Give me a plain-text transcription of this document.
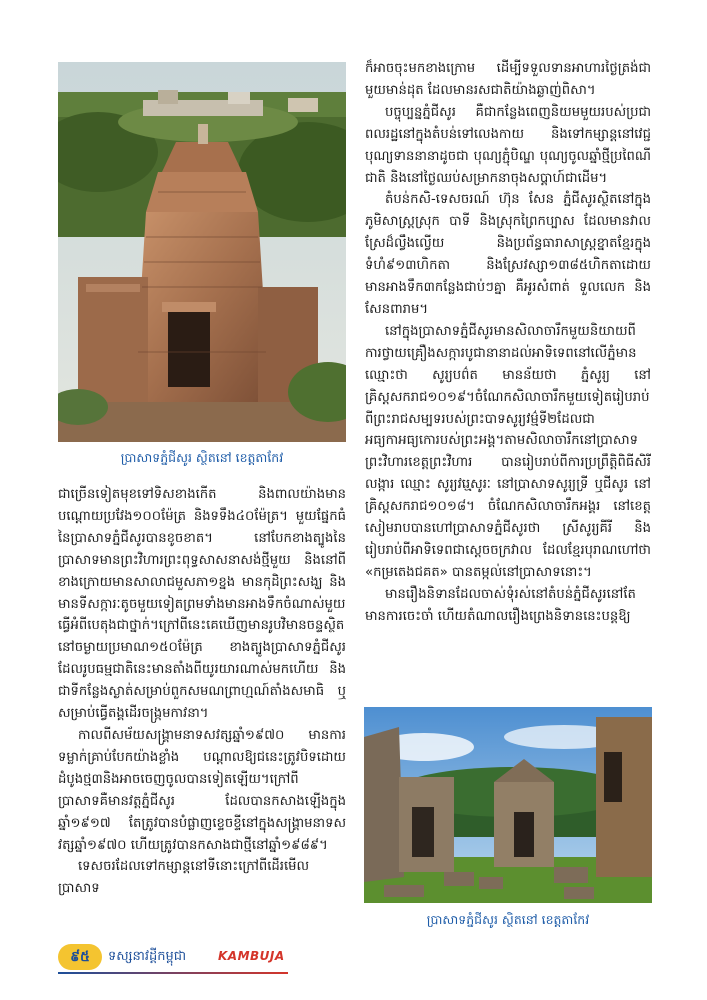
ប្រាសាទភ្នំជីសូរ ស្ថិតនៅ ខេត្តតាកែវ

ជាច្រើនទៀតមុខទៅទិសខាងកើត និងពាលយ៉ាងមានបណ្តោយប្រវែង១០០ម៉ែត្រ និងទទឹង៤០ម៉ែត្រ។ មួយផ្នែកធំ នៃប្រាសាទភ្នំជីសូរបានខូចខាត។ នៅបែកខាងត្បូងនៃប្រាសាទមានព្រះវិហារព្រះពុទ្ធសាសនាសង់ថ្មីមួយ និងនៅពីខាងក្រោយមានសាលាជមួសភា១ខ្នង មានកុដិព្រះសង្ឃ និងមានទីសក្ការៈតូចមួយទៀតព្រមទាំងមានអាងទឹកចំណាស់មួយធ្វើអំពីបេតុងជាថ្នាក់។ក្រៅពីនេះគេឃើញមានរូបវិមានចន្ទស្ថិតនៅចម្ងាយប្រមាណ១៥០ម៉ែត្រ ខាងត្បូងប្រាសាទភ្នំជីសូរ ដែលរូបធម្មជាតិនេះមានតាំងពីយូរយារណាស់មកហើយ និងជាទីកន្លែងស្ងាត់សម្រាប់ពួកសមណព្រាហ្មណ៍តាំងសមាធិ ឬសម្រាប់ធ្វើតង្គដើរចង្ក្រមកាវនា។

កាលពីសម័យសង្គ្រាមនាទសវត្សឆ្នាំ១៩៧០ មានការទម្លាក់គ្រាប់បែកយ៉ាងខ្លាំង បណ្តាលឱ្យជនេះត្រូវបិទដោយដំបូងថ្ម៣និងអាចចេញចូលបានទៀតឡើយ។ក្រៅពីប្រាសាទគឺមានវត្តភ្នំជីសូរ ដែលបានកសាងឡើងក្នុងឆ្នាំ១៩១៧ តែត្រូវបានបំផ្លាញខ្ទេចខ្ទីនៅក្នុងសង្គ្រាមនាទសវត្សឆ្នាំ១៩៧០ ហើយត្រូវបានកសាងជាថ្មីនៅឆ្នាំ១៩៨៩។

ទេសចរដែលទៅកម្សាន្តនៅទីនោះក្រៅពីដើរមើលប្រាសាទ

ក៏អាចចុះមកខាងក្រោម ដើម្បីទទួលទានអាហារថ្ងៃត្រង់ជាមួយមាន់ដុត ដែលមានរសជាតិយ៉ាងឆ្ងាញ់ពិសា។

បច្ចុប្បន្នភ្នំជីសូរ គឺជាកន្លែងពេញនិយមមួយរបស់ប្រជាពលរដ្ឋនៅក្នុងតំបន់ទៅលេងកាយ និងទៅកម្សាន្តនៅវេជ្ជបុណ្យទាននានាដូចជា បុណ្យភ្ជុំបិណ្ឌ បុណ្យចូលឆ្នាំថ្មីប្រពៃណីជាតិ និងនៅថ្ងៃឈប់សម្រាកនាចុងសប្តាហ៍ជាដើម។

តំបន់កសិ-ទេសចរណ៍ ហ៊ុន សែន ភ្នំជីសូរស្ថិតនៅក្នុងភូមិសាស្ត្រស្រុក បាទី និងស្រុកព្រៃកប្បាស ដែលមានវាលស្រែដ៏ល្វឹងល្វើយ និងប្រព័ន្ធធារាសាស្ត្រខ្នាតខ្មែរក្នុងទំហំ៩១៣ហិកតា និងស្រែវស្សា១៣៨៥ហិកតាដោយមានអាងទឹក៣កន្លែងជាប់ៗគ្នា គឺអូរសំពាត់ ទួលលេក និងសែនពារាម។

នៅក្នុងប្រាសាទភ្នំជីសូរមានសិលាចារឹកមួយនិយាយពីការថ្វាយគ្រឿងសក្ការបូជានានាដល់អាទិទេពនៅលើភ្នំមានឈ្មោះថា សូរ្យបព៌ត មានន័យថា ភ្នំសូរ្យ នៅគ្រិស្តសករាជ១០១៩។ចំណែកសិលាចារឹកមួយទៀតរៀបរាប់ពីព្រះរាជសម្បទរបស់ព្រះបាទសូរ្យវម៌្មទី២ដែលជាអធ្យកាអធ្យកោរបស់ព្រះអង្គ។តាមសិលាចារឹកនៅប្រាសាទព្រះវិហារខេត្តព្រះវិហារ បានរៀបរាប់ពីការប្រព្រឹត្តិពិធីសិរីលង្ការ ឈ្មោះ សូរ្យវរ្មេសូរៈ នៅប្រាសាទសូរ្យទ្រី ឬជីសូរ នៅគ្រិស្តសករាជ១០១៨។ ចំណែកសិលាចារឹកអង្គរ នៅខេត្តសៀមរាបបានហៅប្រាសាទភ្នំជីសូរថា ស្រីសូរ្យគីរី និងរៀបរាប់ពីអាទិទេពជាស្តេចចក្រវាល ដែលខ្មែរបុរាណហៅថា «កម្រតេងជគត» បានតម្កល់នៅប្រាសាទនោះ។

មានរឿងនិទានដែលចាស់ទុំរស់នៅតំបន់ភ្នំជីសូរនៅតែមានការចេះចាំ ហើយតំណាលរឿងព្រេងនិទាននេះបន្តឱ្យ

ប្រាសាទភ្នំជីសូរ ស្ថិតនៅ ខេត្តតាកែវ
៩៥	ទស្សនាវដ្តីកម្ពុជា	KAMBUJA
